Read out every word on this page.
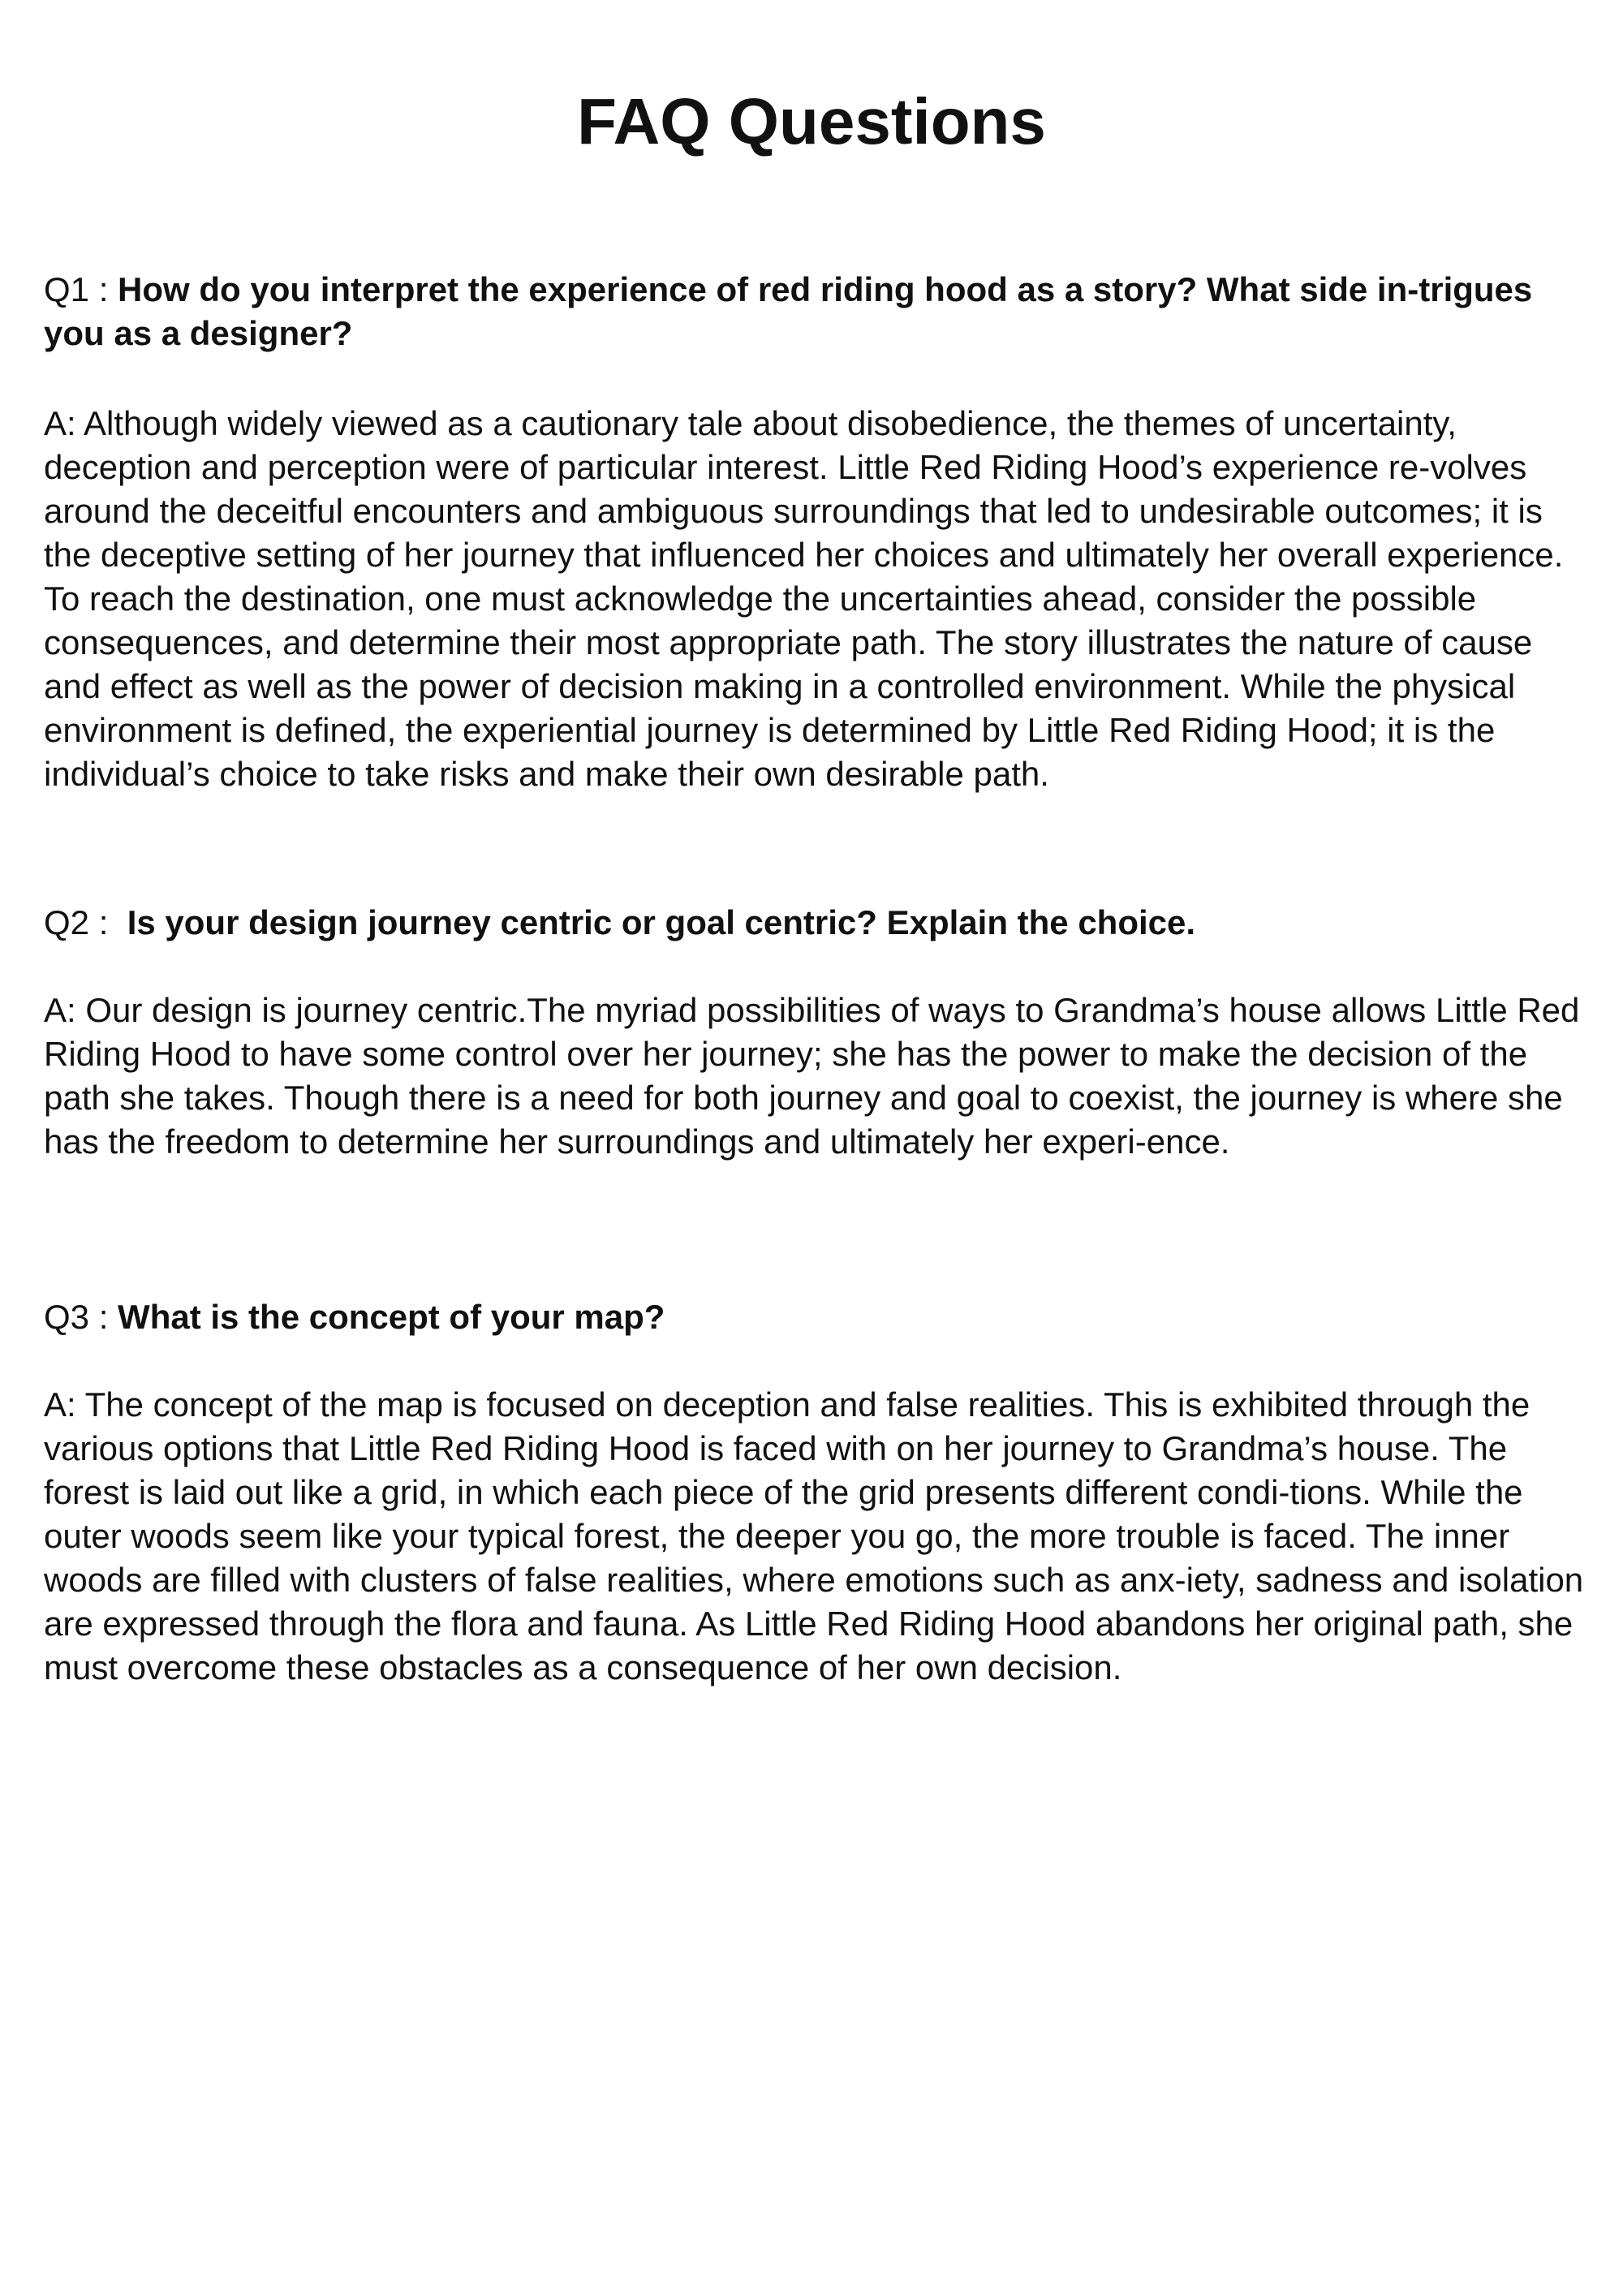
FAQ Questions

Q1 : How do you interpret the experience of red riding hood as a story? What side in-trigues you as a designer?

A: Although widely viewed as a cautionary tale about disobedience, the themes of uncertainty, deception and perception were of particular interest. Little Red Riding Hood’s experience re-volves around the deceitful encounters and ambiguous surroundings that led to undesirable outcomes; it is the deceptive setting of her journey that influenced her choices and ultimately her overall experience. To reach the destination, one must acknowledge the uncertainties ahead, consider the possible consequences, and determine their most appropriate path. The story illustrates the nature of cause and effect as well as the power of decision making in a controlled environment. While the physical environment is defined, the experiential journey is determined by Little Red Riding Hood; it is the individual’s choice to take risks and make their own desirable path.

Q2 :  Is your design journey centric or goal centric? Explain the choice.

A: Our design is journey centric.The myriad possibilities of ways to Grandma’s house allows Little Red Riding Hood to have some control over her journey; she has the power to make the decision of the path she takes. Though there is a need for both journey and goal to coexist, the journey is where she has the freedom to determine her surroundings and ultimately her experi-ence.

Q3 : What is the concept of your map?

A: The concept of the map is focused on deception and false realities. This is exhibited through the various options that Little Red Riding Hood is faced with on her journey to Grandma’s house. The forest is laid out like a grid, in which each piece of the grid presents different condi-tions. While the outer woods seem like your typical forest, the deeper you go, the more trouble is faced. The inner woods are filled with clusters of false realities, where emotions such as anx-iety, sadness and isolation are expressed through the flora and fauna. As Little Red Riding Hood abandons her original path, she must overcome these obstacles as a consequence of her own decision.
